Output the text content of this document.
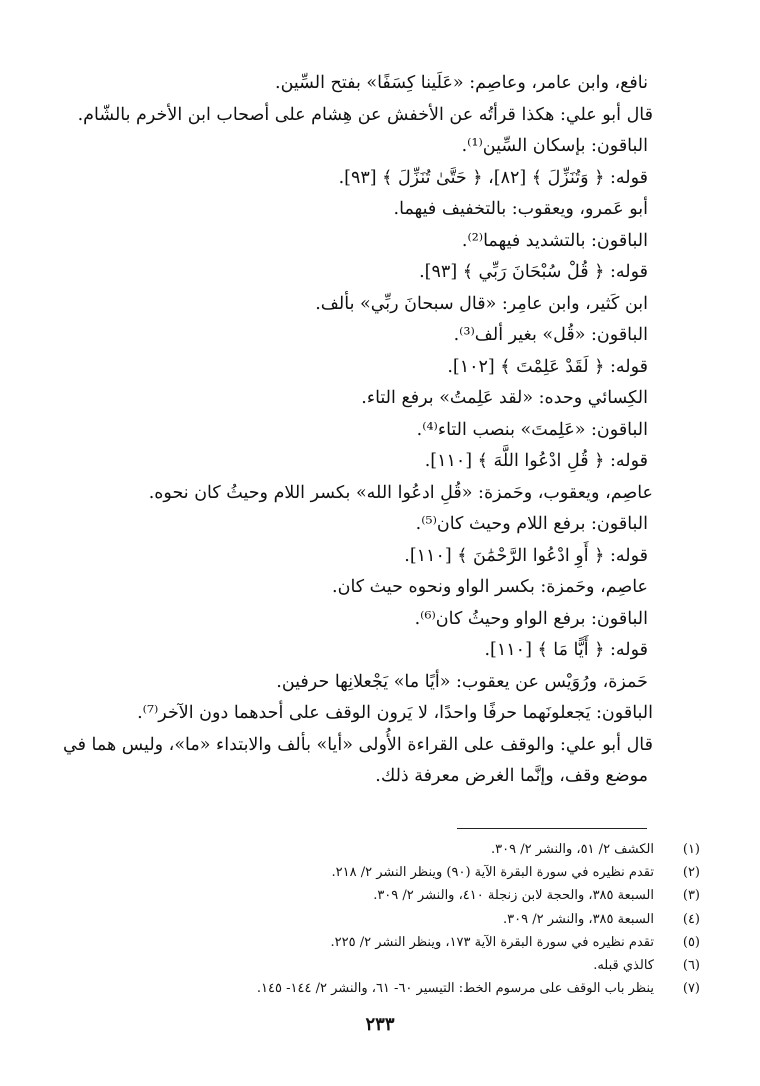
نافع، وابن عامر، وعاصِم: «عَلَينا كِسَفًا» بفتح السِّين.
قال أبو علي: هكذا قرأتُه عن الأخفش عن هِشام على أصحاب ابن الأخرم بالشّام.
الباقون: بإسكان السِّين⁽¹⁾.
قوله: ﴿ وَتُنَزِّلَ ﴾ [٨٢]، ﴿ حَتَّىٰ تُنَزِّلَ ﴾ [٩٣].
أبو عَمرو، ويعقوب: بالتخفيف فيهما.
الباقون: بالتشديد فيهما⁽²⁾.
قوله: ﴿ قُلْ سُبْحَانَ رَبِّي ﴾ [٩٣].
ابن كَثير، وابن عامِر: «قال سبحانَ ربِّي» بألف.
الباقون: «قُل» بغير ألف⁽³⁾.
قوله: ﴿ لَقَدْ عَلِمْتَ ﴾ [١٠٢].
الكِسائي وحده: «لقد عَلِمتُ» برفع التاء.
الباقون: «عَلِمتَ» بنصب التاء⁽⁴⁾.
قوله: ﴿ قُلِ ادْعُوا اللَّهَ ﴾ [١١٠].
عاصِم، ويعقوب، وحَمزة: «قُلِ ادعُوا الله» بكسر اللام وحيثُ كان نحوه.
الباقون: برفع اللام وحيث كان⁽⁵⁾.
قوله: ﴿ أَوِ ادْعُوا الرَّحْمَٰنَ ﴾ [١١٠].
عاصِم، وحَمزة: بكسر الواو ونحوه حيث كان.
الباقون: برفع الواو وحيثُ كان⁽⁶⁾.
قوله: ﴿ أَيًّا مَا ﴾ [١١٠].
حَمزة، ورُوَيْس عن يعقوب: «أيًا ما» يَجْعلانِها حرفين.
الباقون: يَجعلونَهما حرفًا واحدًا، لا يَرون الوقف على أحدهما دون الآخر⁽⁷⁾.
قال أبو علي: والوقف على القراءة الأُولى «أيا» بألف والابتداء «ما»، وليس هما في
موضع وقف، وإنَّما الغرض معرفة ذلك.
(١)الكشف ٢/ ٥١، والنشر ٢/ ٣٠٩.
(٢)تقدم نظيره في سورة البقرة الآية (٩٠) وينظر النشر ٢/ ٢١٨.
(٣)السبعة ٣٨٥، والحجة لابن زنجلة ٤١٠، والنشر ٢/ ٣٠٩.
(٤)السبعة ٣٨٥، والنشر ٢/ ٣٠٩.
(٥)تقدم نظيره في سورة البقرة الآية ١٧٣، وينظر النشر ٢/ ٢٢٥.
(٦)كالذي قبله.
(٧)ينظر باب الوقف على مرسوم الخط: التيسير ٦٠- ٦١، والنشر ٢/ ١٤٤- ١٤٥.
٢٣٣
